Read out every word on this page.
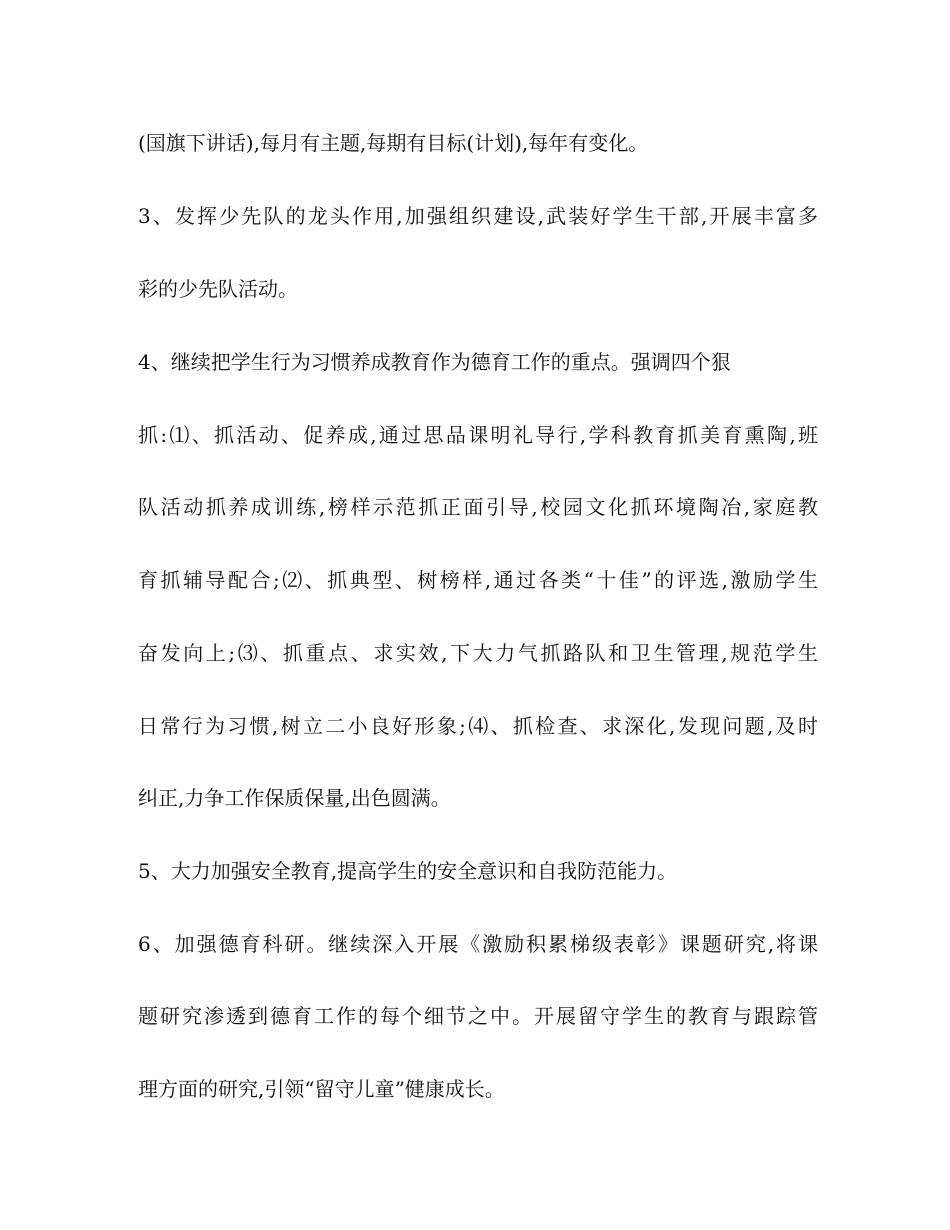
(国旗下讲话),每月有主题,每期有目标(计划),每年有变化。
3、发挥少先队的龙头作用,加强组织建设,武装好学生干部,开展丰富多
彩的少先队活动。
4、继续把学生行为习惯养成教育作为德育工作的重点。强调四个狠
抓:⑴、抓活动、促养成,通过思品课明礼导行,学科教育抓美育熏陶,班
队活动抓养成训练,榜样示范抓正面引导,校园文化抓环境陶冶,家庭教
育抓辅导配合;⑵、抓典型、树榜样,通过各类“十佳”的评选,激励学生
奋发向上;⑶、抓重点、求实效,下大力气抓路队和卫生管理,规范学生
日常行为习惯,树立二小良好形象;⑷、抓检查、求深化,发现问题,及时
纠正,力争工作保质保量,出色圆满。
5、大力加强安全教育,提高学生的安全意识和自我防范能力。
6、加强德育科研。继续深入开展《激励积累梯级表彰》课题研究,将课
题研究渗透到德育工作的每个细节之中。开展留守学生的教育与跟踪管
理方面的研究,引领“留守儿童”健康成长。
